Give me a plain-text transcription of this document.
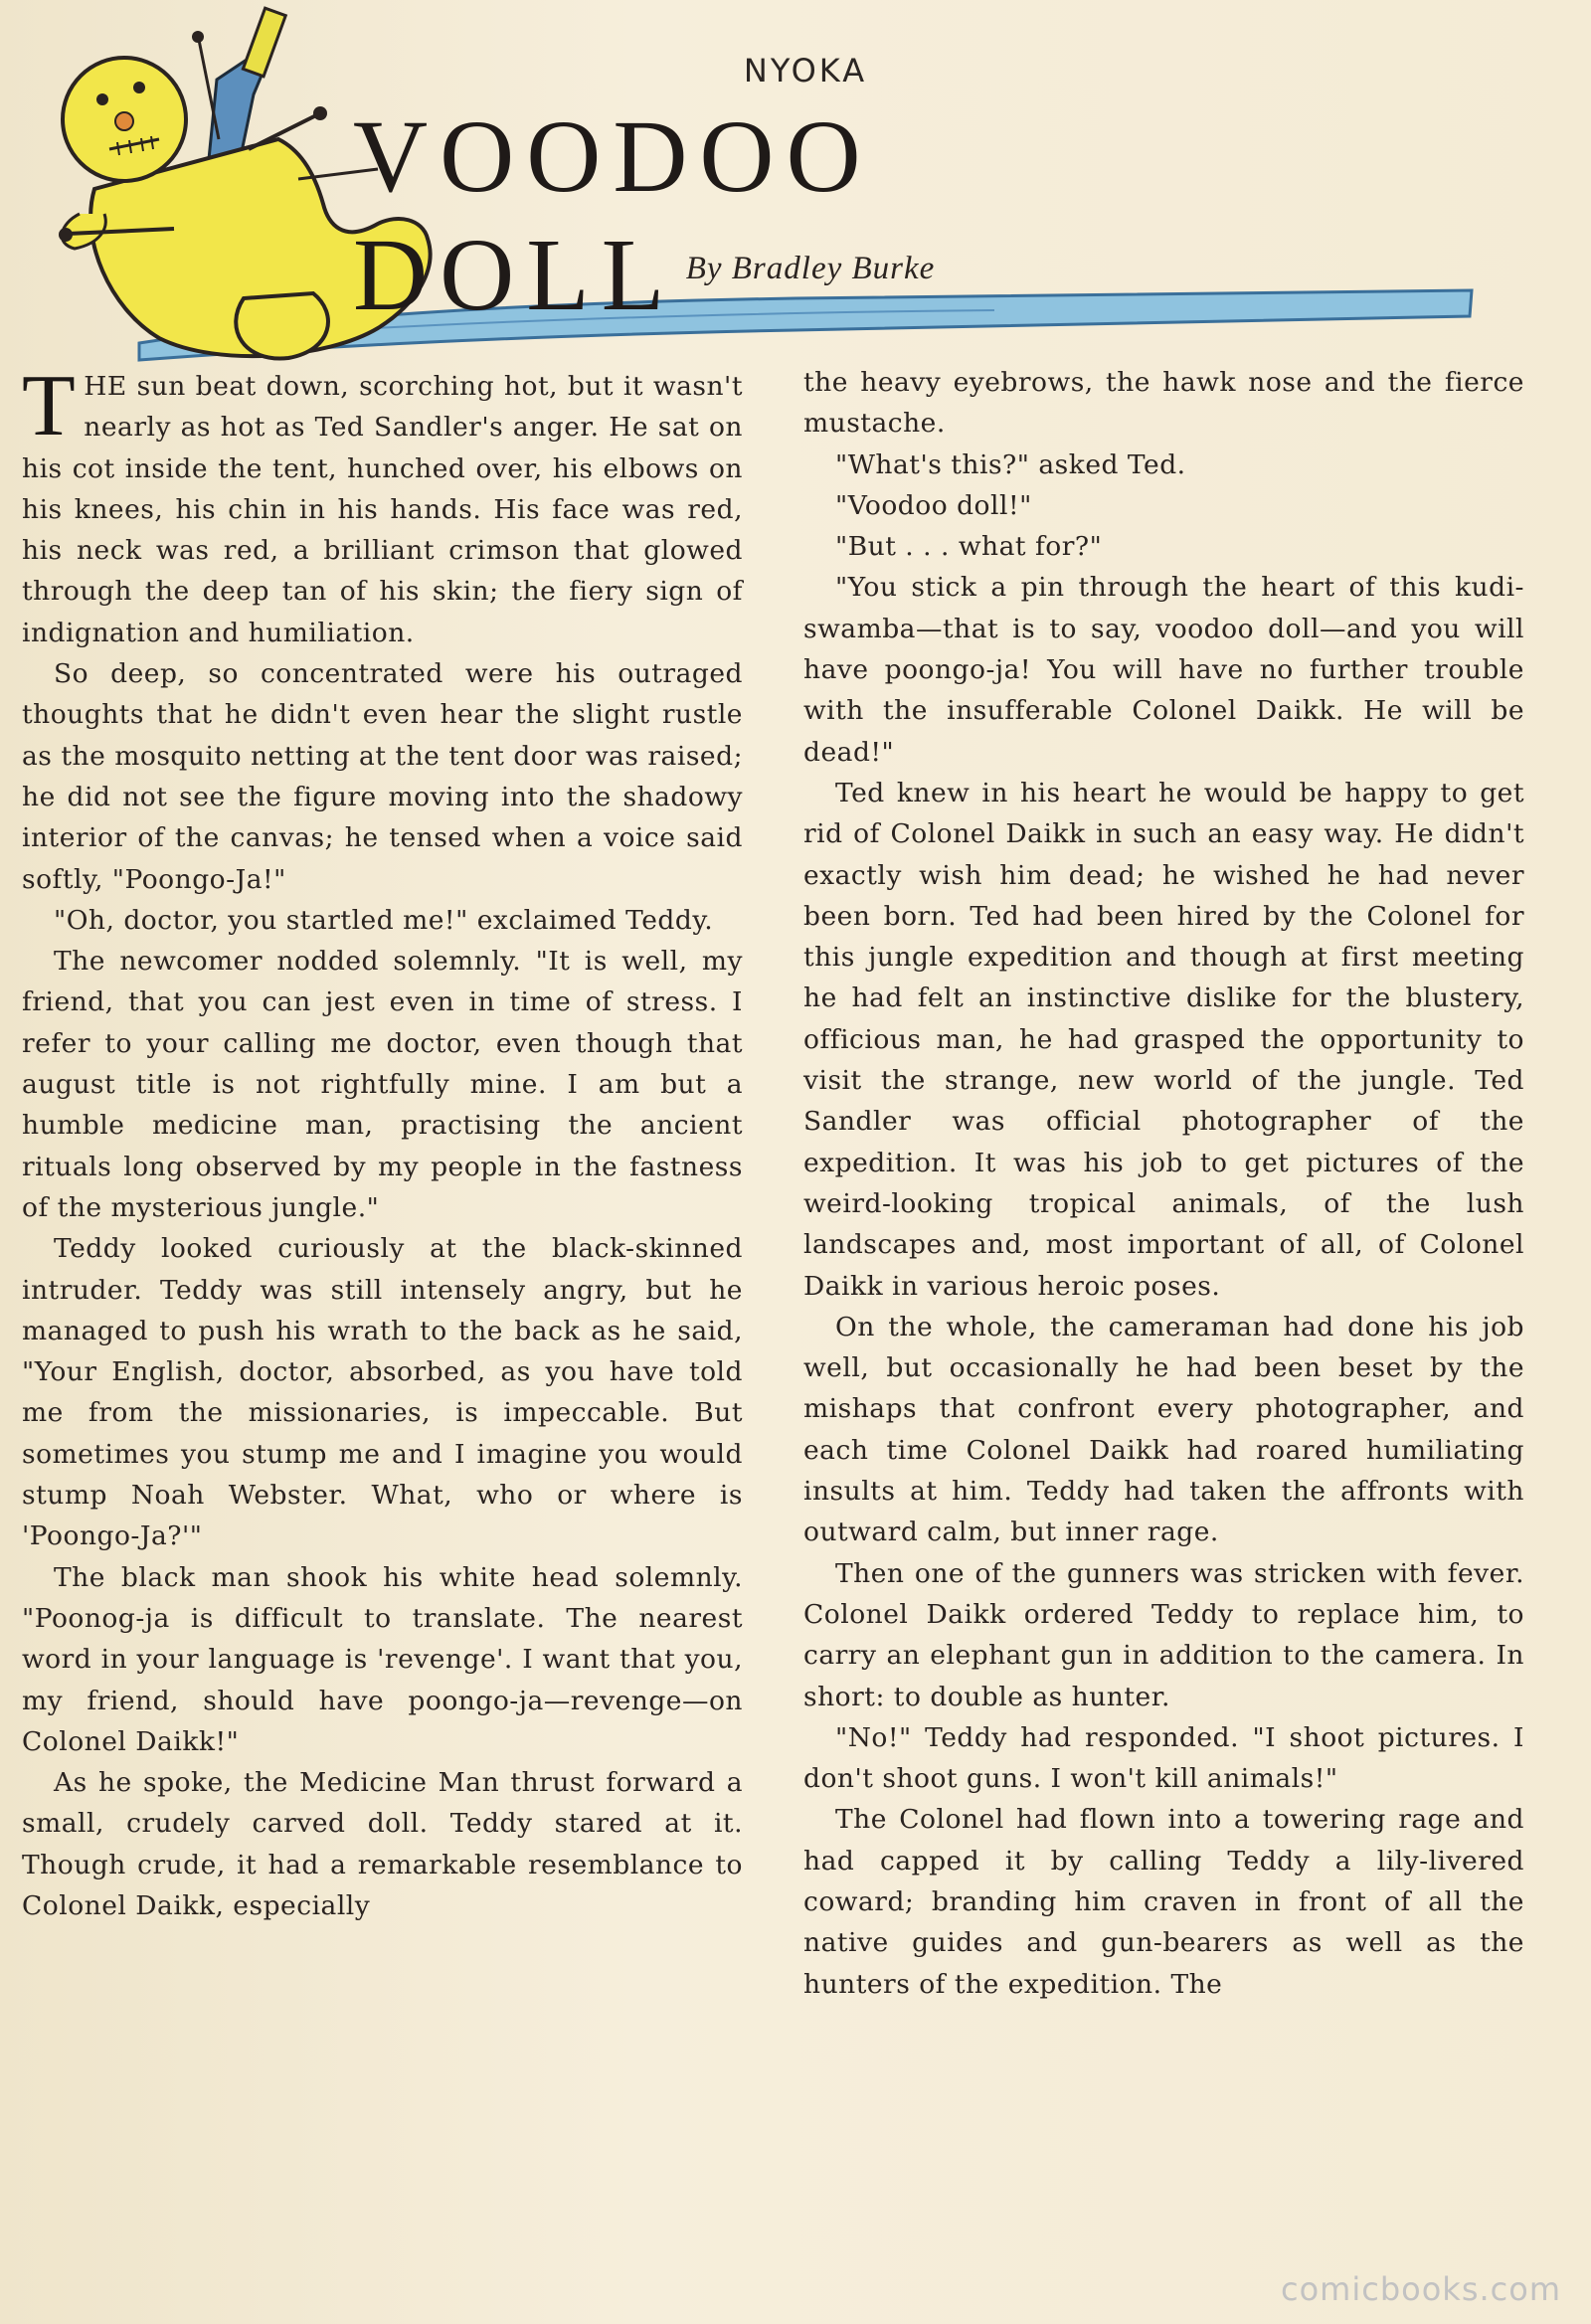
NYOKA
VOODOO DOLL By Bradley Burke

THE sun beat down, scorching hot, but it wasn't nearly as hot as Ted Sandler's anger. He sat on his cot inside the tent, hunched over, his elbows on his knees, his chin in his hands. His face was red, his neck was red, a brilliant crimson that glowed through the deep tan of his skin; the fiery sign of indignation and humiliation.

So deep, so concentrated were his outraged thoughts that he didn't even hear the slight rustle as the mosquito netting at the tent door was raised; he did not see the figure moving into the shadowy interior of the canvas; he tensed when a voice said softly, "Poongo-Ja!"

"Oh, doctor, you startled me!" exclaimed Teddy.

The newcomer nodded solemnly. "It is well, my friend, that you can jest even in time of stress. I refer to your calling me doctor, even though that august title is not rightfully mine. I am but a humble medicine man, practising the ancient rituals long observed by my people in the fastness of the mysterious jungle."

Teddy looked curiously at the black-skinned intruder. Teddy was still intensely angry, but he managed to push his wrath to the back as he said, "Your English, doctor, absorbed, as you have told me from the missionaries, is impeccable. But sometimes you stump me and I imagine you would stump Noah Webster. What, who or where is 'Poongo-Ja?'"

The black man shook his white head solemnly. "Poonog-ja is difficult to translate. The nearest word in your language is 'revenge'. I want that you, my friend, should have poongo-ja—revenge—on Colonel Daikk!"

As he spoke, the Medicine Man thrust forward a small, crudely carved doll. Teddy stared at it. Though crude, it had a remarkable resemblance to Colonel Daikk, especially

the heavy eyebrows, the hawk nose and the fierce mustache.

"What's this?" asked Ted.

"Voodoo doll!"

"But . . . what for?"

"You stick a pin through the heart of this kudi-swamba—that is to say, voodoo doll—and you will have poongo-ja! You will have no further trouble with the insufferable Colonel Daikk. He will be dead!"

Ted knew in his heart he would be happy to get rid of Colonel Daikk in such an easy way. He didn't exactly wish him dead; he wished he had never been born. Ted had been hired by the Colonel for this jungle expedition and though at first meeting he had felt an instinctive dislike for the blustery, officious man, he had grasped the opportunity to visit the strange, new world of the jungle. Ted Sandler was official photographer of the expedition. It was his job to get pictures of the weird-looking tropical animals, of the lush landscapes and, most important of all, of Colonel Daikk in various heroic poses.

On the whole, the cameraman had done his job well, but occasionally he had been beset by the mishaps that confront every photographer, and each time Colonel Daikk had roared humiliating insults at him. Teddy had taken the affronts with outward calm, but inner rage.

Then one of the gunners was stricken with fever. Colonel Daikk ordered Teddy to replace him, to carry an elephant gun in addition to the camera. In short: to double as hunter.

"No!" Teddy had responded. "I shoot pictures. I don't shoot guns. I won't kill animals!"

The Colonel had flown into a towering rage and had capped it by calling Teddy a lily-livered coward; branding him craven in front of all the native guides and gun-bearers as well as the hunters of the expedition. The

comicbooks.com
